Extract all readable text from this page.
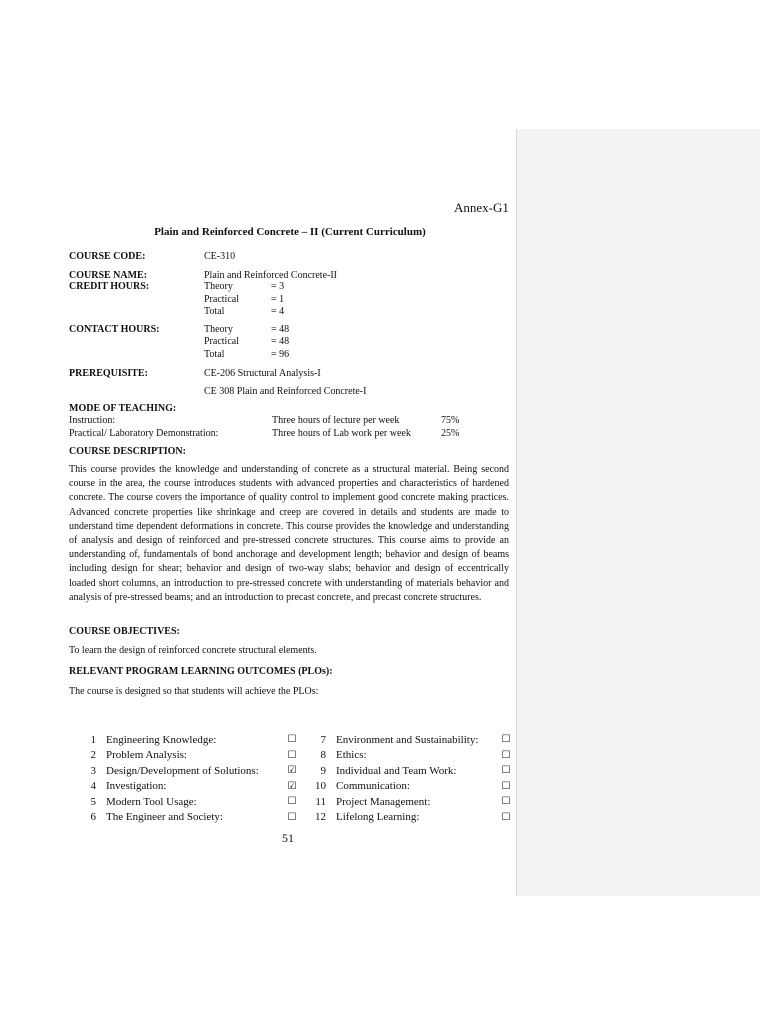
Annex-G1
Plain and Reinforced Concrete – II (Current Curriculum)
COURSE CODE:	CE-310
COURSE NAME:	Plain and Reinforced Concrete-II
CREDIT HOURS:	Theory	= 3
Practical	= 1
Total	= 4
CONTACT HOURS:	Theory	= 48
Practical	= 48
Total	= 96
PREREQUISITE:	CE-206 Structural Analysis-I
CE 308 Plain and Reinforced Concrete-I
MODE OF TEACHING:
Instruction:	Three hours of lecture per week	75%
Practical/ Laboratory Demonstration:	Three hours of Lab work per week	25%
COURSE DESCRIPTION:
This course provides the knowledge and understanding of concrete as a structural material. Being second course in the area, the course introduces students with advanced properties and characteristics of hardened concrete. The course covers the importance of quality control to implement good concrete making practices. Advanced concrete properties like shrinkage and creep are covered in details and students are made to understand time dependent deformations in concrete. This course provides the knowledge and understanding of analysis and design of reinforced and pre-stressed concrete structures. This course aims to provide an understanding of, fundamentals of bond anchorage and development length; behavior and design of beams including design for shear; behavior and design of two-way slabs; behavior and design of eccentrically loaded short columns, an introduction to pre-stressed concrete with understanding of materials behavior and analysis of pre-stressed beams; and an introduction to precast concrete, and precast concrete structures.
COURSE OBJECTIVES:
To learn the design of reinforced concrete structural elements.
RELEVANT PROGRAM LEARNING OUTCOMES (PLOs):
The course is designed so that students will achieve the PLOs:
1	Engineering Knowledge:	☐		7	Environment and Sustainability:	☐
2	Problem Analysis:	☐		8	Ethics:	☐
3	Design/Development of Solutions:	☑		9	Individual and Team Work:	☐
4	Investigation:	☑		10	Communication:	☐
5	Modern Tool Usage:	☐		11	Project Management:	☐
6	The Engineer and Society:	☐		12	Lifelong Learning:	☐
51
